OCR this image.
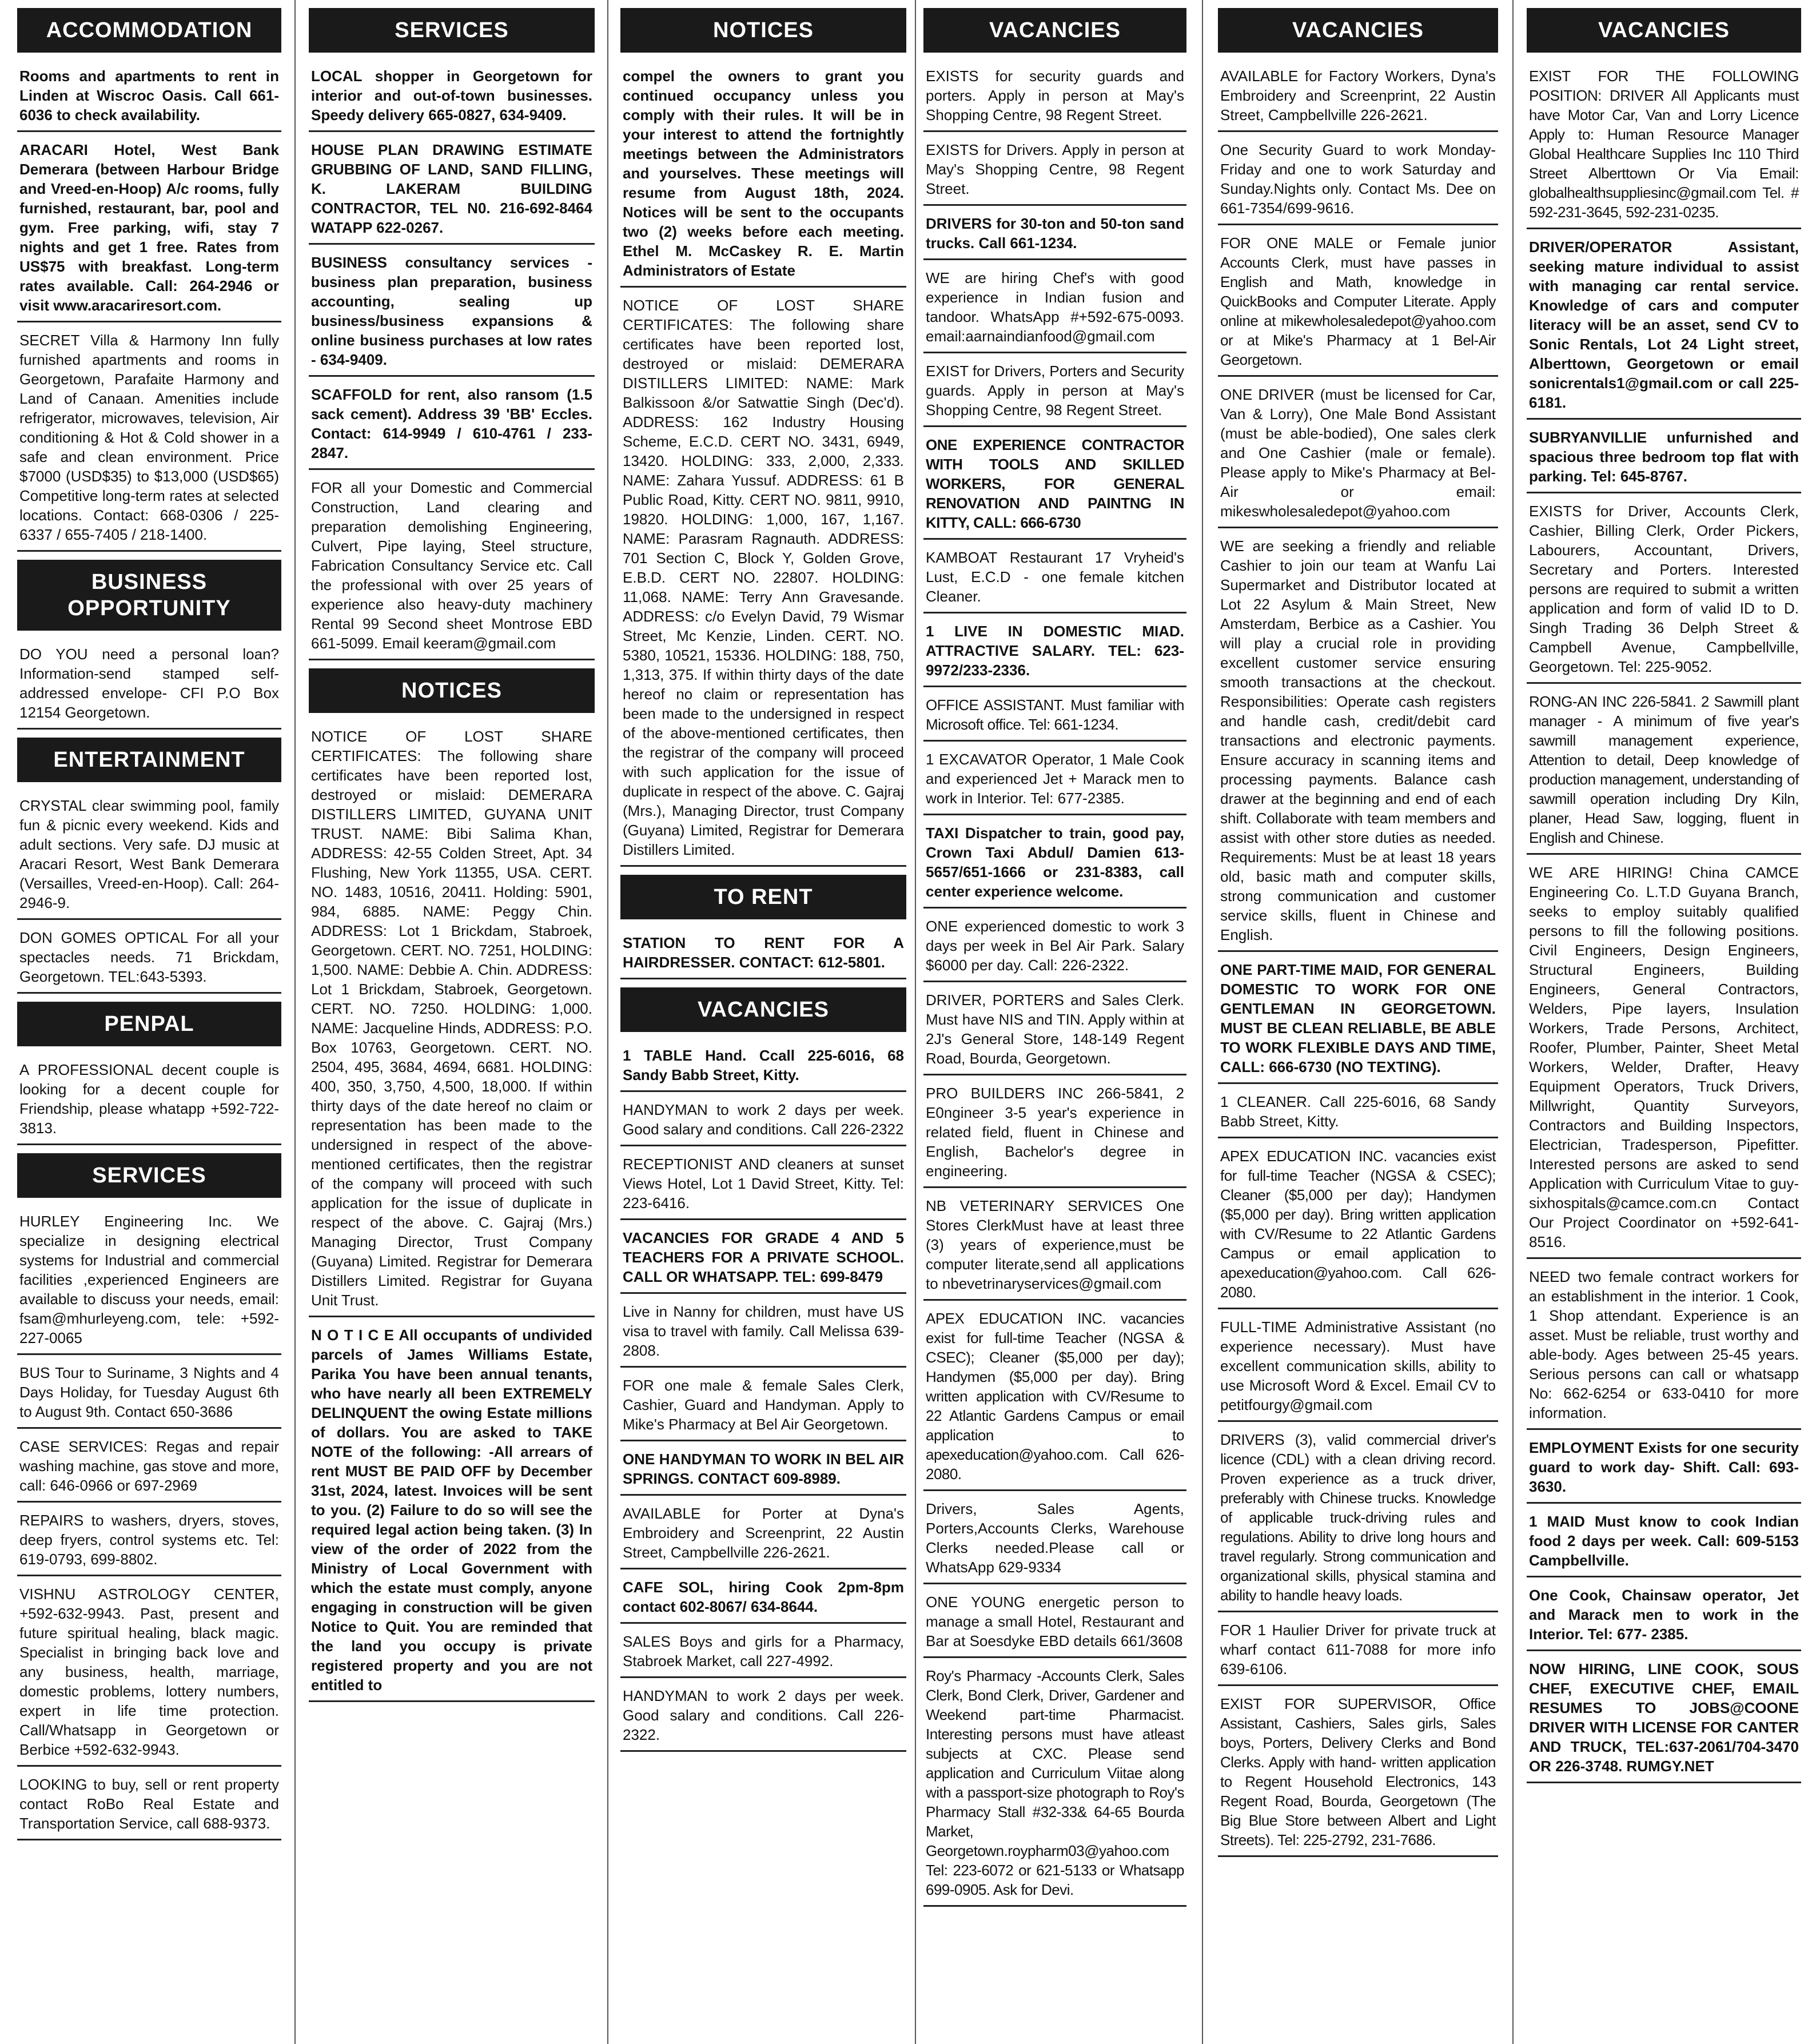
ACCOMMODATION
Rooms and apartments to rent in Linden at Wiscroc Oasis. Call 661-6036 to check availability.
ARACARI Hotel, West Bank Demerara (between Harbour Bridge and Vreed-en-Hoop) A/c rooms, fully furnished, restaurant, bar, pool and gym. Free parking, wifi, stay 7 nights and get 1 free. Rates from US$75 with breakfast. Long-term rates available. Call: 264-2946 or visit www.aracariresort.com.
SECRET Villa & Harmony Inn fully furnished apartments and rooms in Georgetown, Parafaite Harmony and Land of Canaan. Amenities include refrigerator, microwaves, television, Air conditioning & Hot & Cold shower in a safe and clean environment. Price $7000 (USD$35) to $13,000 (USD$65) Competitive long-term rates at selected locations. Contact: 668-0306 / 225-6337 / 655-7405 / 218-1400.
BUSINESS OPPORTUNITY
DO YOU need a personal loan? Information-send stamped self-addressed envelope- CFI P.O Box 12154 Georgetown.
ENTERTAINMENT
CRYSTAL clear swimming pool, family fun & picnic every weekend. Kids and adult sections. Very safe. DJ music at Aracari Resort, West Bank Demerara (Versailles, Vreed-en-Hoop). Call: 264-2946-9.
DON GOMES OPTICAL For all your spectacles needs. 71 Brickdam, Georgetown. TEL:643-5393.
PENPAL
A PROFESSIONAL decent couple is looking for a decent couple for Friendship, please whatapp +592-722-3813.
SERVICES
HURLEY Engineering Inc. We specialize in designing electrical systems for Industrial and commercial facilities ,experienced Engineers are available to discuss your needs, email: fsam@mhurleyeng.com, tele: +592-227-0065
BUS Tour to Suriname, 3 Nights and 4 Days Holiday, for Tuesday August 6th to August 9th. Contact 650-3686
CASE SERVICES: Regas and repair washing machine, gas stove and more, call: 646-0966 or 697-2969
REPAIRS to washers, dryers, stoves, deep fryers, control systems etc. Tel: 619-0793, 699-8802.
VISHNU ASTROLOGY CENTER, +592-632-9943. Past, present and future spiritual healing, black magic. Specialist in bringing back love and any business, health, marriage, domestic problems, lottery numbers, expert in life time protection. Call/Whatsapp in Georgetown or Berbice +592-632-9943.
LOOKING to buy, sell or rent property contact RoBo Real Estate and Transportation Service, call 688-9373.
SERVICES
LOCAL shopper in Georgetown for interior and out-of-town businesses. Speedy delivery 665-0827, 634-9409.
HOUSE PLAN DRAWING ESTIMATE GRUBBING OF LAND, SAND FILLING, K. LAKERAM BUILDING CONTRACTOR, TEL N0. 216-692-8464 WATAPP 622-0267.
BUSINESS consultancy services - business plan preparation, business accounting, sealing up business/business expansions & online business purchases at low rates - 634-9409.
SCAFFOLD for rent, also ransom (1.5 sack cement). Address 39 'BB' Eccles. Contact: 614-9949 / 610-4761 / 233-2847.
FOR all your Domestic and Commercial Construction, Land clearing and preparation demolishing Engineering, Culvert, Pipe laying, Steel structure, Fabrication Consultancy Service etc. Call the professional with over 25 years of experience also heavy-duty machinery Rental 99 Second sheet Montrose EBD 661-5099. Email keeram@gmail.com
NOTICES
NOTICE OF LOST SHARE CERTIFICATES: The following share certificates have been reported lost, destroyed or mislaid: DEMERARA DISTILLERS LIMITED, GUYANA UNIT TRUST. NAME: Bibi Salima Khan, ADDRESS: 42-55 Colden Street, Apt. 34 Flushing, New York 11355, USA. CERT. NO. 1483, 10516, 20411. Holding: 5901, 984, 6885. NAME: Peggy Chin. ADDRESS: Lot 1 Brickdam, Stabroek, Georgetown. CERT. NO. 7251, HOLDING: 1,500. NAME: Debbie A. Chin. ADDRESS: Lot 1 Brickdam, Stabroek, Georgetown. CERT. NO. 7250. HOLDING: 1,000. NAME: Jacqueline Hinds, ADDRESS: P.O. Box 10763, Georgetown. CERT. NO. 2504, 495, 3684, 4694, 6681. HOLDING: 400, 350, 3,750, 4,500, 18,000. If within thirty days of the date hereof no claim or representation has been made to the undersigned in respect of the above-mentioned certificates, then the registrar of the company will proceed with such application for the issue of duplicate in respect of the above. C. Gajraj (Mrs.) Managing Director, Trust Company (Guyana) Limited. Registrar for Demerara Distillers Limited. Registrar for Guyana Unit Trust.
N O T I C E All occupants of undivided parcels of James Williams Estate, Parika You have been annual tenants, who have nearly all been EXTREMELY DELINQUENT the owing Estate millions of dollars. You are asked to TAKE NOTE of the following: -All arrears of rent MUST BE PAID OFF by December 31st, 2024, latest. Invoices will be sent to you. (2) Failure to do so will see the required legal action being taken. (3) In view of the order of 2022 from the Ministry of Local Government with which the estate must comply, anyone engaging in construction will be given Notice to Quit. You are reminded that the land you occupy is private registered property and you are not entitled to
NOTICES
compel the owners to grant you continued occupancy unless you comply with their rules. It will be in your interest to attend the fortnightly meetings between the Administrators and yourselves. These meetings will resume from August 18th, 2024. Notices will be sent to the occupants two (2) weeks before each meeting. Ethel M. McCaskey R. E. Martin Administrators of Estate
NOTICE OF LOST SHARE CERTIFICATES: The following share certificates have been reported lost, destroyed or mislaid: DEMERARA DISTILLERS LIMITED: NAME: Mark Balkissoon &/or Satwattie Singh (Dec'd). ADDRESS: 162 Industry Housing Scheme, E.C.D. CERT NO. 3431, 6949, 13420. HOLDING: 333, 2,000, 2,333. NAME: Zahara Yussuf. ADDRESS: 61 B Public Road, Kitty. CERT NO. 9811, 9910, 19820. HOLDING: 1,000, 167, 1,167. NAME: Parasram Ragnauth. ADDRESS: 701 Section C, Block Y, Golden Grove, E.B.D. CERT NO. 22807. HOLDING: 11,068. NAME: Terry Ann Gravesande. ADDRESS: c/o Evelyn David, 79 Wismar Street, Mc Kenzie, Linden. CERT. NO. 5380, 10521, 15336. HOLDING: 188, 750, 1,313, 375. If within thirty days of the date hereof no claim or representation has been made to the undersigned in respect of the above-mentioned certificates, then the registrar of the company will proceed with such application for the issue of duplicate in respect of the above. C. Gajraj (Mrs.), Managing Director, trust Company (Guyana) Limited, Registrar for Demerara Distillers Limited.
TO RENT
STATION TO RENT FOR A HAIRDRESSER. CONTACT: 612-5801.
VACANCIES
1 TABLE Hand. Ccall 225-6016, 68 Sandy Babb Street, Kitty.
HANDYMAN to work 2 days per week. Good salary and conditions. Call 226-2322
RECEPTIONIST AND cleaners at sunset Views Hotel, Lot 1 David Street, Kitty. Tel: 223-6416.
VACANCIES FOR GRADE 4 AND 5 TEACHERS FOR A PRIVATE SCHOOL. CALL OR WHATSAPP. TEL: 699-8479
Live in Nanny for children, must have US visa to travel with family. Call Melissa 639-2808.
FOR one male & female Sales Clerk, Cashier, Guard and Handyman. Apply to Mike's Pharmacy at Bel Air Georgetown.
ONE HANDYMAN TO WORK IN BEL AIR SPRINGS. CONTACT 609-8989.
AVAILABLE for Porter at Dyna's Embroidery and Screenprint, 22 Austin Street, Campbellville 226-2621.
CAFE SOL, hiring Cook 2pm-8pm contact 602-8067/ 634-8644.
SALES Boys and girls for a Pharmacy, Stabroek Market, call 227-4992.
HANDYMAN to work 2 days per week. Good salary and conditions. Call 226-2322.
VACANCIES
EXISTS for security guards and porters. Apply in person at May's Shopping Centre, 98 Regent Street.
EXISTS for Drivers. Apply in person at May's Shopping Centre, 98 Regent Street.
DRIVERS for 30-ton and 50-ton sand trucks. Call 661-1234.
WE are hiring Chef's with good experience in Indian fusion and tandoor. WhatsApp #+592-675-0093. email:aarnaindianfood@gmail.com
EXIST for Drivers, Porters and Security guards. Apply in person at May's Shopping Centre, 98 Regent Street.
ONE EXPERIENCE CONTRACTOR WITH TOOLS AND SKILLED WORKERS, FOR GENERAL RENOVATION AND PAINTNG IN KITTY, CALL: 666-6730
KAMBOAT Restaurant 17 Vryheid's Lust, E.C.D - one female kitchen Cleaner.
1 LIVE IN DOMESTIC MIAD. ATTRACTIVE SALARY. TEL: 623-9972/233-2336.
OFFICE ASSISTANT. Must familiar with Microsoft office. Tel: 661-1234.
1 EXCAVATOR Operator, 1 Male Cook and experienced Jet + Marack men to work in Interior. Tel: 677-2385.
TAXI Dispatcher to train, good pay, Crown Taxi Abdul/ Damien 613-5657/651-1666 or 231-8383, call center experience welcome.
ONE experienced domestic to work 3 days per week in Bel Air Park. Salary $6000 per day. Call: 226-2322.
DRIVER, PORTERS and Sales Clerk. Must have NIS and TIN. Apply within at 2J's General Store, 148-149 Regent Road, Bourda, Georgetown.
PRO BUILDERS INC 266-5841, 2 E0ngineer 3-5 year's experience in related field, fluent in Chinese and English, Bachelor's degree in engineering.
NB VETERINARY SERVICES One Stores ClerkMust have at least three (3) years of experience,must be computer literate,send all applications to nbevetrinaryservices@gmail.com
APEX EDUCATION INC. vacancies exist for full-time Teacher (NGSA & CSEC); Cleaner ($5,000 per day); Handymen ($5,000 per day). Bring written application with CV/Resume to 22 Atlantic Gardens Campus or email application to apexeducation@yahoo.com. Call 626-2080.
Drivers, Sales Agents, Porters,Accounts Clerks, Warehouse Clerks needed.Please call or WhatsApp 629-9334
ONE YOUNG energetic person to manage a small Hotel, Restaurant and Bar at Soesdyke EBD details 661/3608
Roy's Pharmacy -Accounts Clerk, Sales Clerk, Bond Clerk, Driver, Gardener and Weekend part-time Pharmacist. Interesting persons must have atleast subjects at CXC. Please send application and Curriculum Viitae along with a passport-size photograph to Roy's Pharmacy Stall #32-33& 64-65 Bourda Market, Georgetown.roypharm03@yahoo.com Tel: 223-6072 or 621-5133 or Whatsapp 699-0905. Ask for Devi.
VACANCIES
AVAILABLE for Factory Workers, Dyna's Embroidery and Screenprint, 22 Austin Street, Campbellville 226-2621.
One Security Guard to work Monday-Friday and one to work Saturday and Sunday.Nights only. Contact Ms. Dee on 661-7354/699-9616.
FOR ONE MALE or Female junior Accounts Clerk, must have passes in English and Math, knowledge in QuickBooks and Computer Literate. Apply online at mikewholesaledepot@yahoo.com or at Mike's Pharmacy at 1 Bel-Air Georgetown.
ONE DRIVER (must be licensed for Car, Van & Lorry), One Male Bond Assistant (must be able-bodied), One sales clerk and One Cashier (male or female). Please apply to Mike's Pharmacy at Bel-Air or email: mikeswholesaledepot@yahoo.com
WE are seeking a friendly and reliable Cashier to join our team at Wanfu Lai Supermarket and Distributor located at Lot 22 Asylum & Main Street, New Amsterdam, Berbice as a Cashier. You will play a crucial role in providing excellent customer service ensuring smooth transactions at the checkout. Responsibilities: Operate cash registers and handle cash, credit/debit card transactions and electronic payments. Ensure accuracy in scanning items and processing payments. Balance cash drawer at the beginning and end of each shift. Collaborate with team members and assist with other store duties as needed. Requirements: Must be at least 18 years old, basic math and computer skills, strong communication and customer service skills, fluent in Chinese and English.
ONE PART-TIME MAID, FOR GENERAL DOMESTIC TO WORK FOR ONE GENTLEMAN IN GEORGETOWN. MUST BE CLEAN RELIABLE, BE ABLE TO WORK FLEXIBLE DAYS AND TIME, CALL: 666-6730 (NO TEXTING).
1 CLEANER. Call 225-6016, 68 Sandy Babb Street, Kitty.
APEX EDUCATION INC. vacancies exist for full-time Teacher (NGSA & CSEC); Cleaner ($5,000 per day); Handymen ($5,000 per day). Bring written application with CV/Resume to 22 Atlantic Gardens Campus or email application to apexeducation@yahoo.com. Call 626-2080.
FULL-TIME Administrative Assistant (no experience necessary). Must have excellent communication skills, ability to use Microsoft Word & Excel. Email CV to petitfourgy@gmail.com
DRIVERS (3), valid commercial driver's licence (CDL) with a clean driving record. Proven experience as a truck driver, preferably with Chinese trucks. Knowledge of applicable truck-driving rules and regulations. Ability to drive long hours and travel regularly. Strong communication and organizational skills, physical stamina and ability to handle heavy loads.
FOR 1 Haulier Driver for private truck at wharf contact 611-7088 for more info 639-6106.
EXIST FOR SUPERVISOR, Office Assistant, Cashiers, Sales girls, Sales boys, Porters, Delivery Clerks and Bond Clerks. Apply with hand- written application to Regent Household Electronics, 143 Regent Road, Bourda, Georgetown (The Big Blue Store between Albert and Light Streets). Tel: 225-2792, 231-7686.
VACANCIES
EXIST FOR THE FOLLOWING POSITION: DRIVER All Applicants must have Motor Car, Van and Lorry Licence Apply to: Human Resource Manager Global Healthcare Supplies Inc 110 Third Street Alberttown Or Via Email: globalhealthsuppliesinc@gmail.com Tel. # 592-231-3645, 592-231-0235.
DRIVER/OPERATOR Assistant, seeking mature individual to assist with managing car rental service. Knowledge of cars and computer literacy will be an asset, send CV to Sonic Rentals, Lot 24 Light street, Alberttown, Georgetown or email sonicrentals1@gmail.com or call 225-6181.
SUBRYANVILLIE unfurnished and spacious three bedroom top flat with parking. Tel: 645-8767.
EXISTS for Driver, Accounts Clerk, Cashier, Billing Clerk, Order Pickers, Labourers, Accountant, Drivers, Secretary and Porters. Interested persons are required to submit a written application and form of valid ID to D. Singh Trading 36 Delph Street & Campbell Avenue, Campbellville, Georgetown. Tel: 225-9052.
RONG-AN INC 226-5841. 2 Sawmill plant manager - A minimum of five year's sawmill management experience, Attention to detail, Deep knowledge of production management, understanding of sawmill operation including Dry Kiln, planer, Head Saw, logging, fluent in English and Chinese.
WE ARE HIRING! China CAMCE Engineering Co. L.T.D Guyana Branch, seeks to employ suitably qualified persons to fill the following positions. Civil Engineers, Design Engineers, Structural Engineers, Building Engineers, General Contractors, Welders, Pipe layers, Insulation Workers, Trade Persons, Architect, Roofer, Plumber, Painter, Sheet Metal Workers, Welder, Drafter, Heavy Equipment Operators, Truck Drivers, Millwright, Quantity Surveyors, Contractors and Building Inspectors, Electrician, Tradesperson, Pipefitter. Interested persons are asked to send Application with Curriculum Vitae to guy-sixhospitals@camce.com.cn Contact Our Project Coordinator on +592-641-8516.
NEED two female contract workers for an establishment in the interior. 1 Cook, 1 Shop attendant. Experience is an asset. Must be reliable, trust worthy and able-body. Ages between 25-45 years. Serious persons can call or whatsapp No: 662-6254 or 633-0410 for more information.
EMPLOYMENT Exists for one security guard to work day- Shift. Call: 693-3630.
1 MAID Must know to cook Indian food 2 days per week. Call: 609-5153 Campbellville.
One Cook, Chainsaw operator, Jet and Marack men to work in the Interior. Tel: 677- 2385.
NOW HIRING, LINE COOK, SOUS CHEF, EXECUTIVE CHEF, EMAIL RESUMES TO JOBS@COONE DRIVER WITH LICENSE FOR CANTER AND TRUCK, TEL:637-2061/704-3470 OR 226-3748. RUMGY.NET
